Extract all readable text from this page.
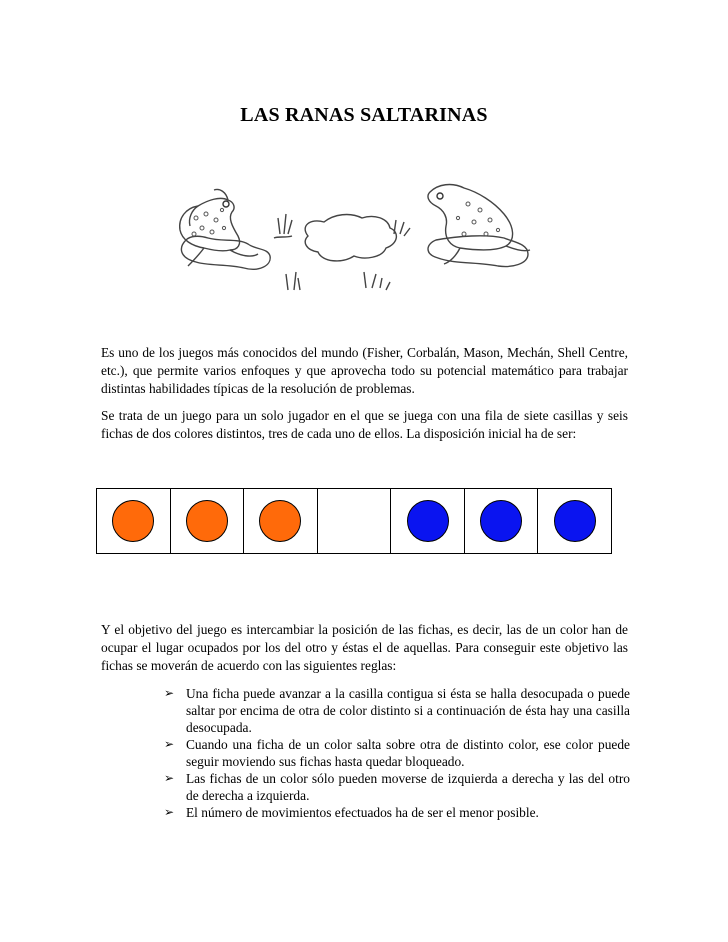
LAS RANAS SALTARINAS
Es uno de los juegos más conocidos del mundo (Fisher, Corbalán, Mason, Mechán, Shell Centre, etc.), que permite varios enfoques y que aprovecha todo su potencial matemático para trabajar distintas habilidades típicas de la resolución de problemas.
Se trata de un juego para un solo jugador en el que se juega con una fila de siete casillas y seis fichas de dos colores distintos, tres de cada uno de ellos. La disposición inicial ha de ser:
Y el objetivo del juego es intercambiar la posición de las fichas, es decir, las de un color han de ocupar el lugar ocupados por los del otro y éstas el de aquellas. Para conseguir este objetivo las fichas se moverán de acuerdo con las siguientes reglas:
➢ Una ficha puede avanzar a la casilla contigua si ésta se halla desocupada o puede saltar por encima de otra de color distinto si a continuación de ésta hay una casilla desocupada.
➢ Cuando una ficha de un color salta sobre otra de distinto color, ese color puede seguir moviendo sus fichas hasta quedar bloqueado.
➢ Las fichas de un color sólo pueden moverse de izquierda a derecha y las del otro de derecha a izquierda.
➢ El número de movimientos efectuados ha de ser el menor posible.
